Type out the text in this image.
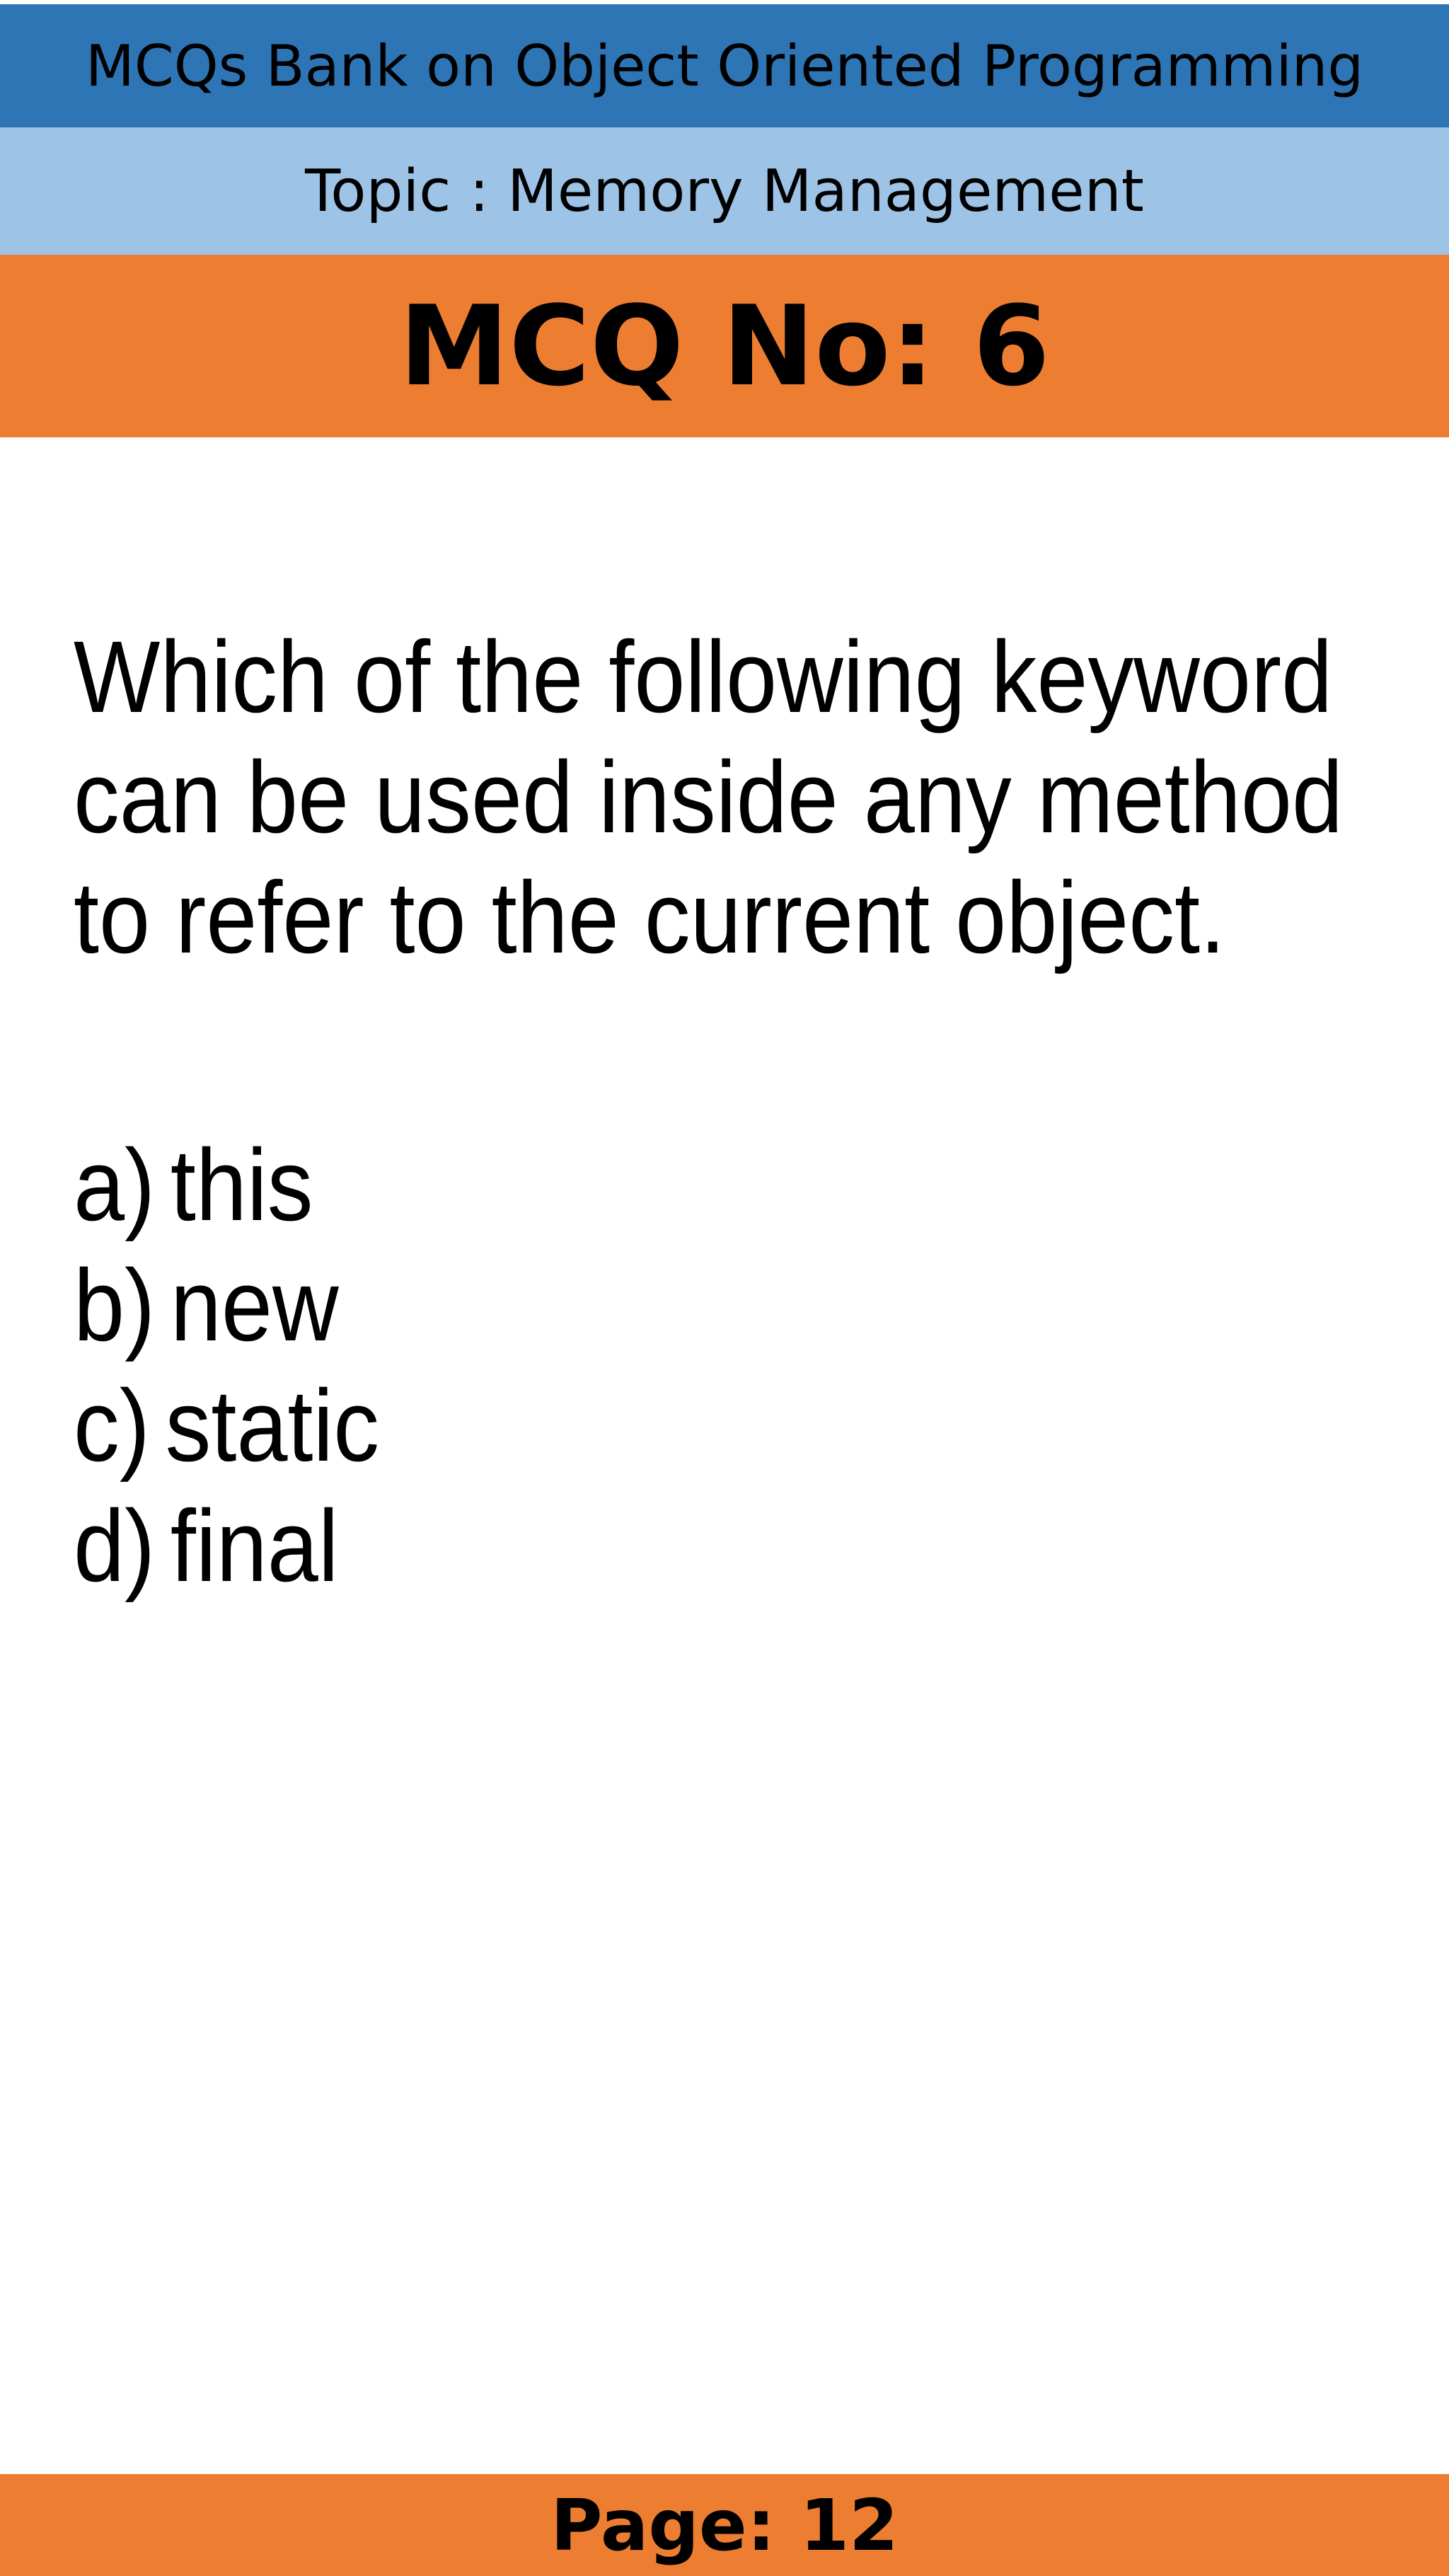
MCQs Bank on Object Oriented Programming
Topic : Memory Management
MCQ No: 6

Which of the following keyword can be used inside any method to refer to the current object.

a) this
b) new
c) static
d) final
Page: 12
